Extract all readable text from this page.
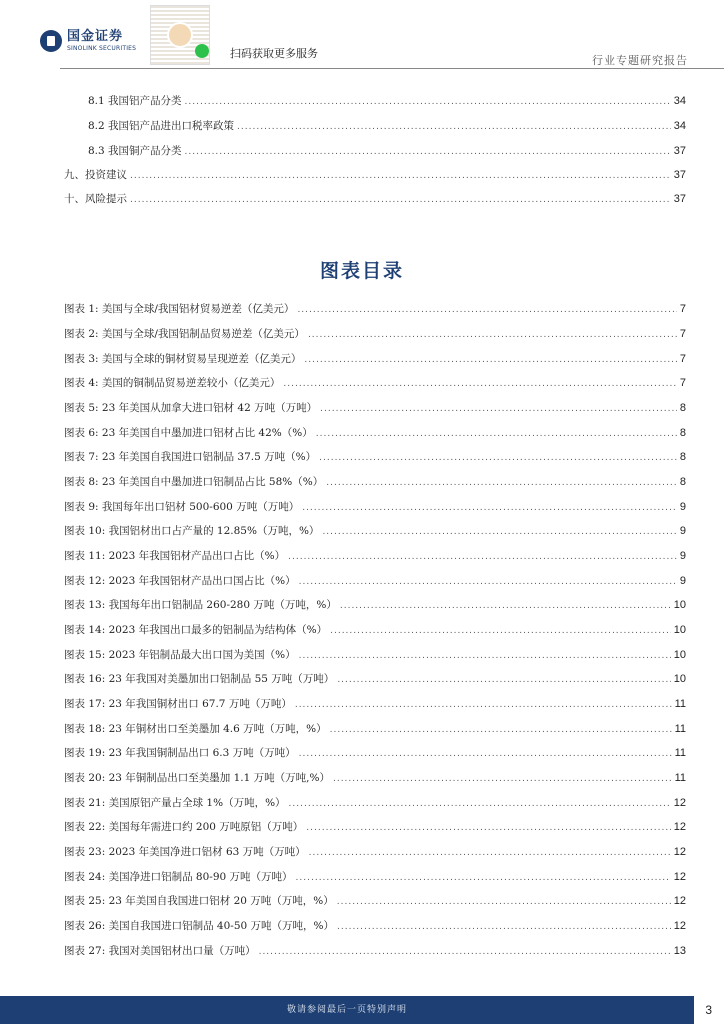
国金证券
SINOLINK SECURITIES	扫码获取更多服务
行业专题研究报告
8.1 我国铝产品分类 .....	34
8.2 我国铝产品进出口税率政策 .....	34
8.3 我国铜产品分类 .....	37
九、投资建议 .....	37
十、风险提示 .....	37
图表目录
图表 1: 美国与全球/我国铝材贸易逆差（亿美元） .....	7
图表 2: 美国与全球/我国铝制品贸易逆差（亿美元） .....	7
图表 3: 美国与全球的铜材贸易呈现逆差（亿美元） .....	7
图表 4: 美国的铜制品贸易逆差较小（亿美元） .....	7
图表 5: 23 年美国从加拿大进口铝材 42 万吨（万吨） .....	8
图表 6: 23 年美国自中墨加进口铝材占比 42%（%） .....	8
图表 7: 23 年美国自我国进口铝制品 37.5 万吨（%） .....	8
图表 8: 23 年美国自中墨加进口铝制品占比 58%（%） .....	8
图表 9: 我国每年出口铝材 500-600 万吨（万吨） .....	9
图表 10: 我国铝材出口占产量的 12.85%（万吨，%） .....	9
图表 11: 2023 年我国铝材产品出口占比（%） .....	9
图表 12: 2023 年我国铝材产品出口国占比（%） .....	9
图表 13: 我国每年出口铝制品 260-280 万吨（万吨，%） .....	10
图表 14: 2023 年我国出口最多的铝制品为结构体（%） .....	10
图表 15: 2023 年铝制品最大出口国为美国（%） .....	10
图表 16: 23 年我国对美墨加出口铝制品 55 万吨（万吨） .....	10
图表 17: 23 年我国铜材出口 67.7 万吨（万吨） .....	11
图表 18: 23 年铜材出口至美墨加 4.6 万吨（万吨，%） .....	11
图表 19: 23 年我国铜制品出口 6.3 万吨（万吨） .....	11
图表 20: 23 年铜制品出口至美墨加 1.1 万吨（万吨,%） .....	11
图表 21: 美国原铝产量占全球 1%（万吨，%） .....	12
图表 22: 美国每年需进口约 200 万吨原铝（万吨） .....	12
图表 23: 2023 年美国净进口铝材 63 万吨（万吨） .....	12
图表 24: 美国净进口铝制品 80-90 万吨（万吨） .....	12
图表 25: 23 年美国自我国进口铝材 20 万吨（万吨，%） .....	12
图表 26: 美国自我国进口铝制品 40-50 万吨（万吨，%） .....	12
图表 27: 我国对美国铝材出口量（万吨） .....	13
敬请参阅最后一页特别声明	3
